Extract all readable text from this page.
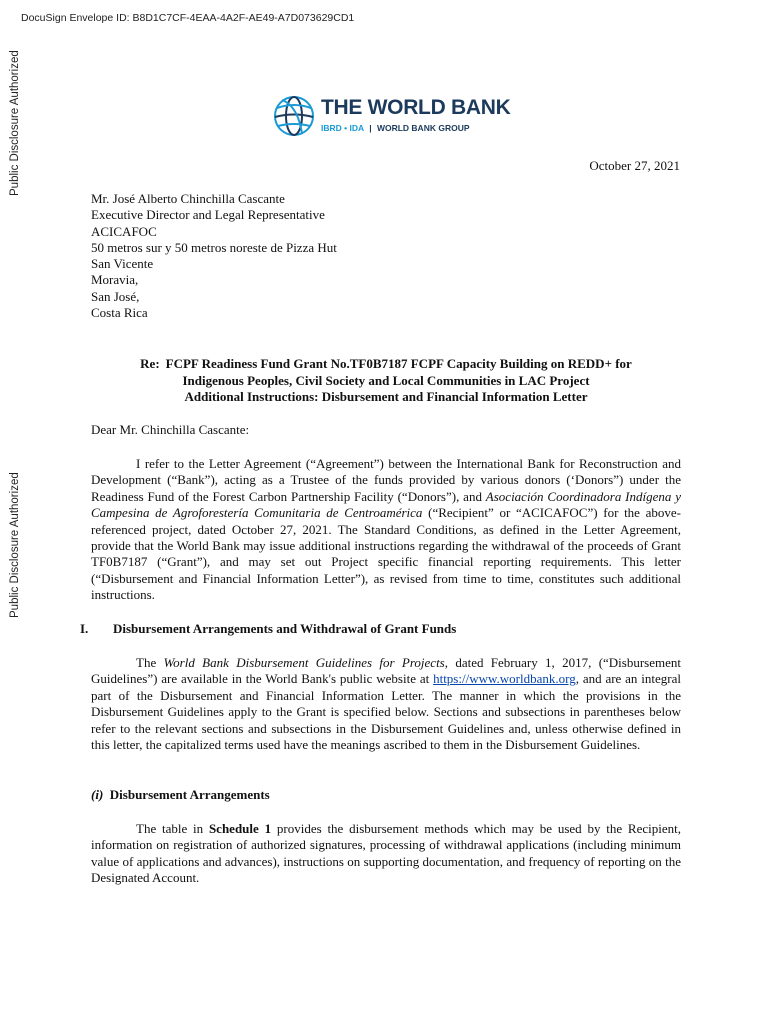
DocuSign Envelope ID: B8D1C7CF-4EAA-4A2F-AE49-A7D073629CD1
Public Disclosure Authorized
Public Disclosure Authorized
THE WORLD BANK
IBRD • IDA | WORLD BANK GROUP
October 27, 2021
Mr. José Alberto Chinchilla Cascante
Executive Director and Legal Representative
ACICAFOC
50 metros sur y 50 metros noreste de Pizza Hut
San Vicente
Moravia,
San José,
Costa Rica
Re: FCPF Readiness Fund Grant No.TF0B7187 FCPF Capacity Building on REDD+ for
Indigenous Peoples, Civil Society and Local Communities in LAC Project
Additional Instructions: Disbursement and Financial Information Letter
Dear Mr. Chinchilla Cascante:

I refer to the Letter Agreement (“Agreement”) between the International Bank for Reconstruction and Development (“Bank”), acting as a Trustee of the funds provided by various donors (‘Donors”) under the Readiness Fund of the Forest Carbon Partnership Facility (“Donors”), and Asociación Coordinadora Indígena y Campesina de Agroforestería Comunitaria de Centroamérica (“Recipient” or “ACICAFOC”) for the above-referenced project, dated October 27, 2021. The Standard Conditions, as defined in the Letter Agreement, provide that the World Bank may issue additional instructions regarding the withdrawal of the proceeds of Grant TF0B7187 (“Grant”), and may set out Project specific financial reporting requirements. This letter (“Disbursement and Financial Information Letter”), as revised from time to time, constitutes such additional instructions.

I. Disbursement Arrangements and Withdrawal of Grant Funds

The World Bank Disbursement Guidelines for Projects, dated February 1, 2017, (“Disbursement Guidelines”) are available in the World Bank's public website at https://www.worldbank.org, and are an integral part of the Disbursement and Financial Information Letter. The manner in which the provisions in the Disbursement Guidelines apply to the Grant is specified below. Sections and subsections in parentheses below refer to the relevant sections and subsections in the Disbursement Guidelines and, unless otherwise defined in this letter, the capitalized terms used have the meanings ascribed to them in the Disbursement Guidelines.

(i) Disbursement Arrangements

The table in Schedule 1 provides the disbursement methods which may be used by the Recipient, information on registration of authorized signatures, processing of withdrawal applications (including minimum value of applications and advances), instructions on supporting documentation, and frequency of reporting on the Designated Account.
